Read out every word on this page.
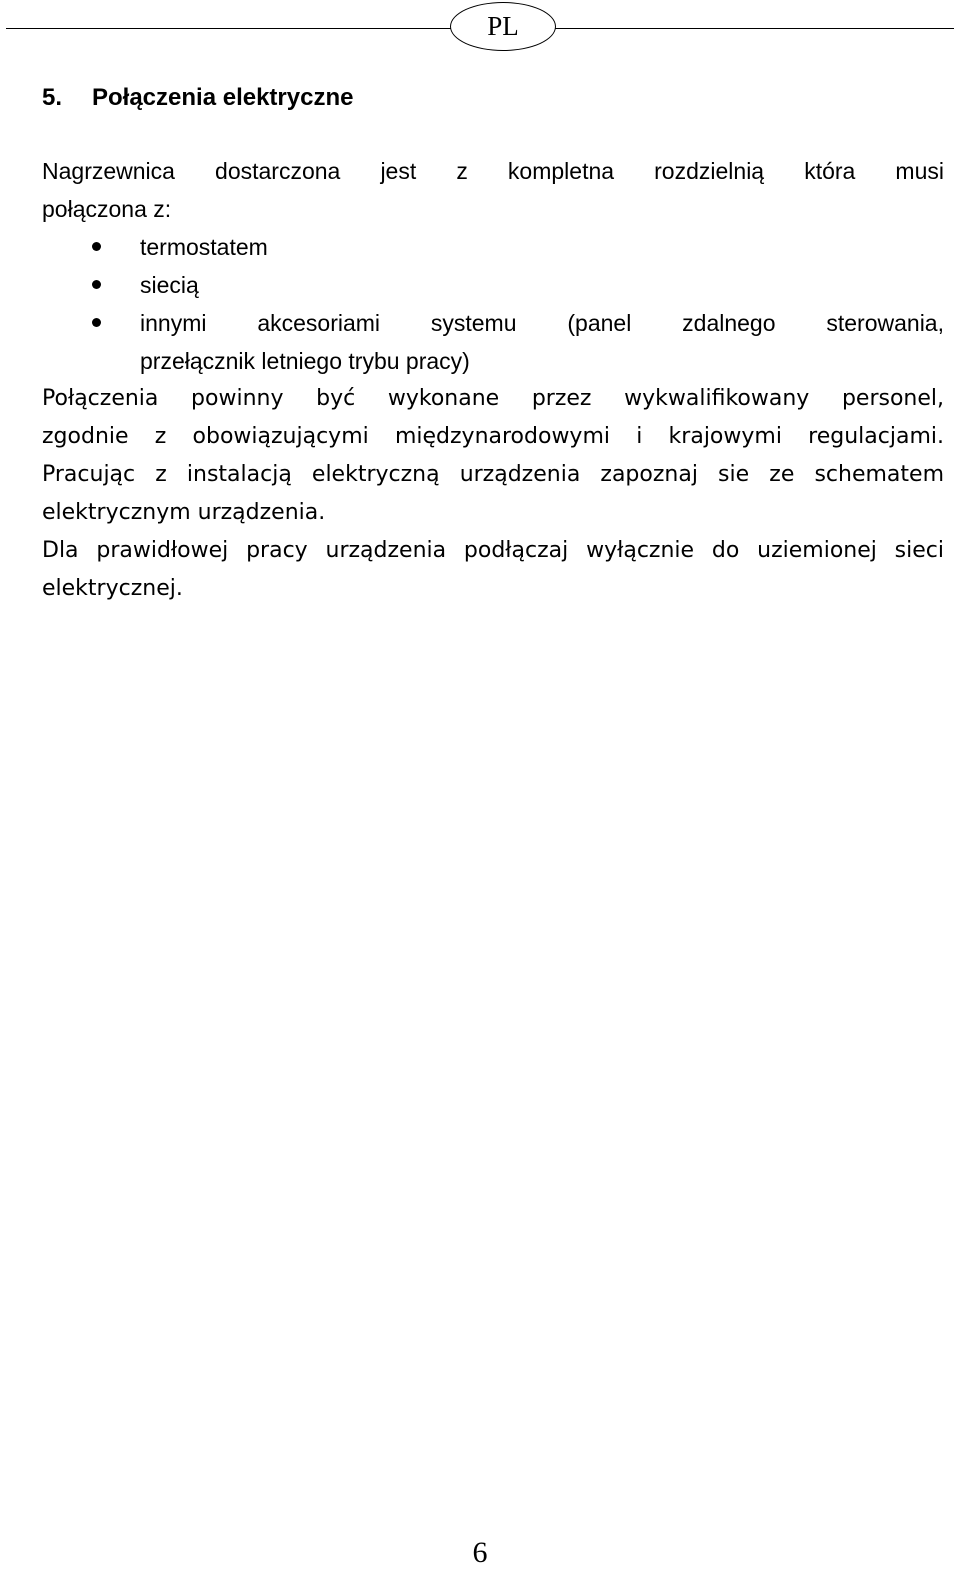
PL
5. Połączenia elektryczne

Nagrzewnica dostarczona jest z kompletna rozdzielnią która musi

połączona z:

termostatem
siecią
innymi akcesoriami systemu (panel zdalnego sterowania,
przełącznik letniego trybu pracy)

Połączenia powinny być wykonane przez wykwalifikowany personel,

zgodnie z obowiązującymi międzynarodowymi i krajowymi regulacjami.

Pracując z instalacją elektryczną urządzenia zapoznaj sie ze schematem

elektrycznym urządzenia.

Dla prawidłowej pracy urządzenia podłączaj wyłącznie do uziemionej sieci

elektrycznej.

6
